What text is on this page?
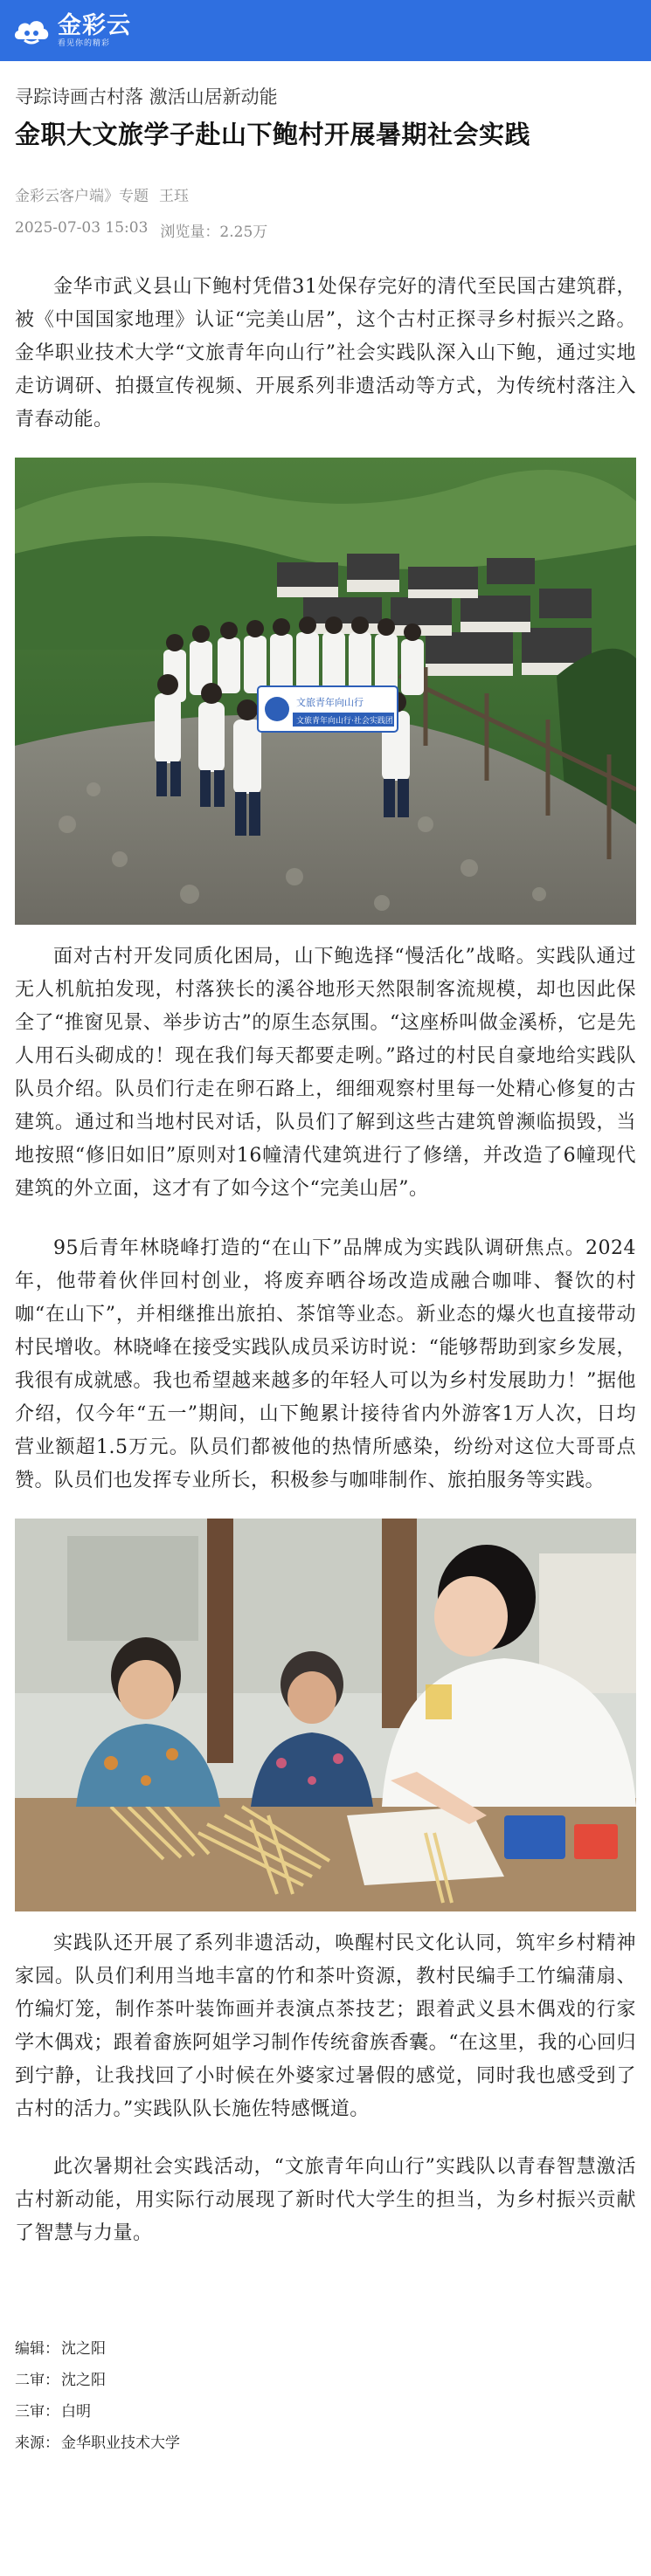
金彩云
看见你的精彩
寻踪诗画古村落 激活山居新动能
金职大文旅学子赴山下鲍村开展暑期社会实践
金彩云客户端》专题 王珏
2025-07-03 15:03 浏览量：2.25万

金华市武义县山下鲍村凭借31处保存完好的清代至民国古建筑群，被《中国国家地理》认证“完美山居”，这个古村正探寻乡村振兴之路。金华职业技术大学“文旅青年向山行”社会实践队深入山下鲍，通过实地走访调研、拍摄宣传视频、开展系列非遗活动等方式，为传统村落注入青春动能。

文旅青年向山行
文旅青年向山行·社会实践团

面对古村开发同质化困局，山下鲍选择“慢活化”战略。实践队通过无人机航拍发现，村落狭长的溪谷地形天然限制客流规模，却也因此保全了“推窗见景、举步访古”的原生态氛围。“这座桥叫做金溪桥，它是先人用石头砌成的！现在我们每天都要走咧。”路过的村民自豪地给实践队队员介绍。队员们行走在卵石路上，细细观察村里每一处精心修复的古建筑。通过和当地村民对话，队员们了解到这些古建筑曾濒临损毁，当地按照“修旧如旧”原则对16幢清代建筑进行了修缮，并改造了6幢现代建筑的外立面，这才有了如今这个“完美山居”。

95后青年林晓峰打造的“在山下”品牌成为实践队调研焦点。2024年，他带着伙伴回村创业，将废弃晒谷场改造成融合咖啡、餐饮的村咖“在山下”，并相继推出旅拍、茶馆等业态。新业态的爆火也直接带动村民增收。林晓峰在接受实践队成员采访时说：“能够帮助到家乡发展，我很有成就感。我也希望越来越多的年轻人可以为乡村发展助力！”据他介绍，仅今年“五一”期间，山下鲍累计接待省内外游客1万人次，日均营业额超1.5万元。队员们都被他的热情所感染，纷纷对这位大哥哥点赞。队员们也发挥专业所长，积极参与咖啡制作、旅拍服务等实践。

实践队还开展了系列非遗活动，唤醒村民文化认同，筑牢乡村精神家园。队员们利用当地丰富的竹和茶叶资源，教村民编手工竹编蒲扇、竹编灯笼，制作茶叶装饰画并表演点茶技艺；跟着武义县木偶戏的行家学木偶戏；跟着畲族阿姐学习制作传统畲族香囊。“在这里，我的心回归到宁静，让我找回了小时候在外婆家过暑假的感觉，同时我也感受到了古村的活力。”实践队队长施佐特感慨道。

此次暑期社会实践活动，“文旅青年向山行”实践队以青春智慧激活古村新动能，用实际行动展现了新时代大学生的担当，为乡村振兴贡献了智慧与力量。

编辑： 沈之阳
二审： 沈之阳
三审： 白明
来源： 金华职业技术大学
